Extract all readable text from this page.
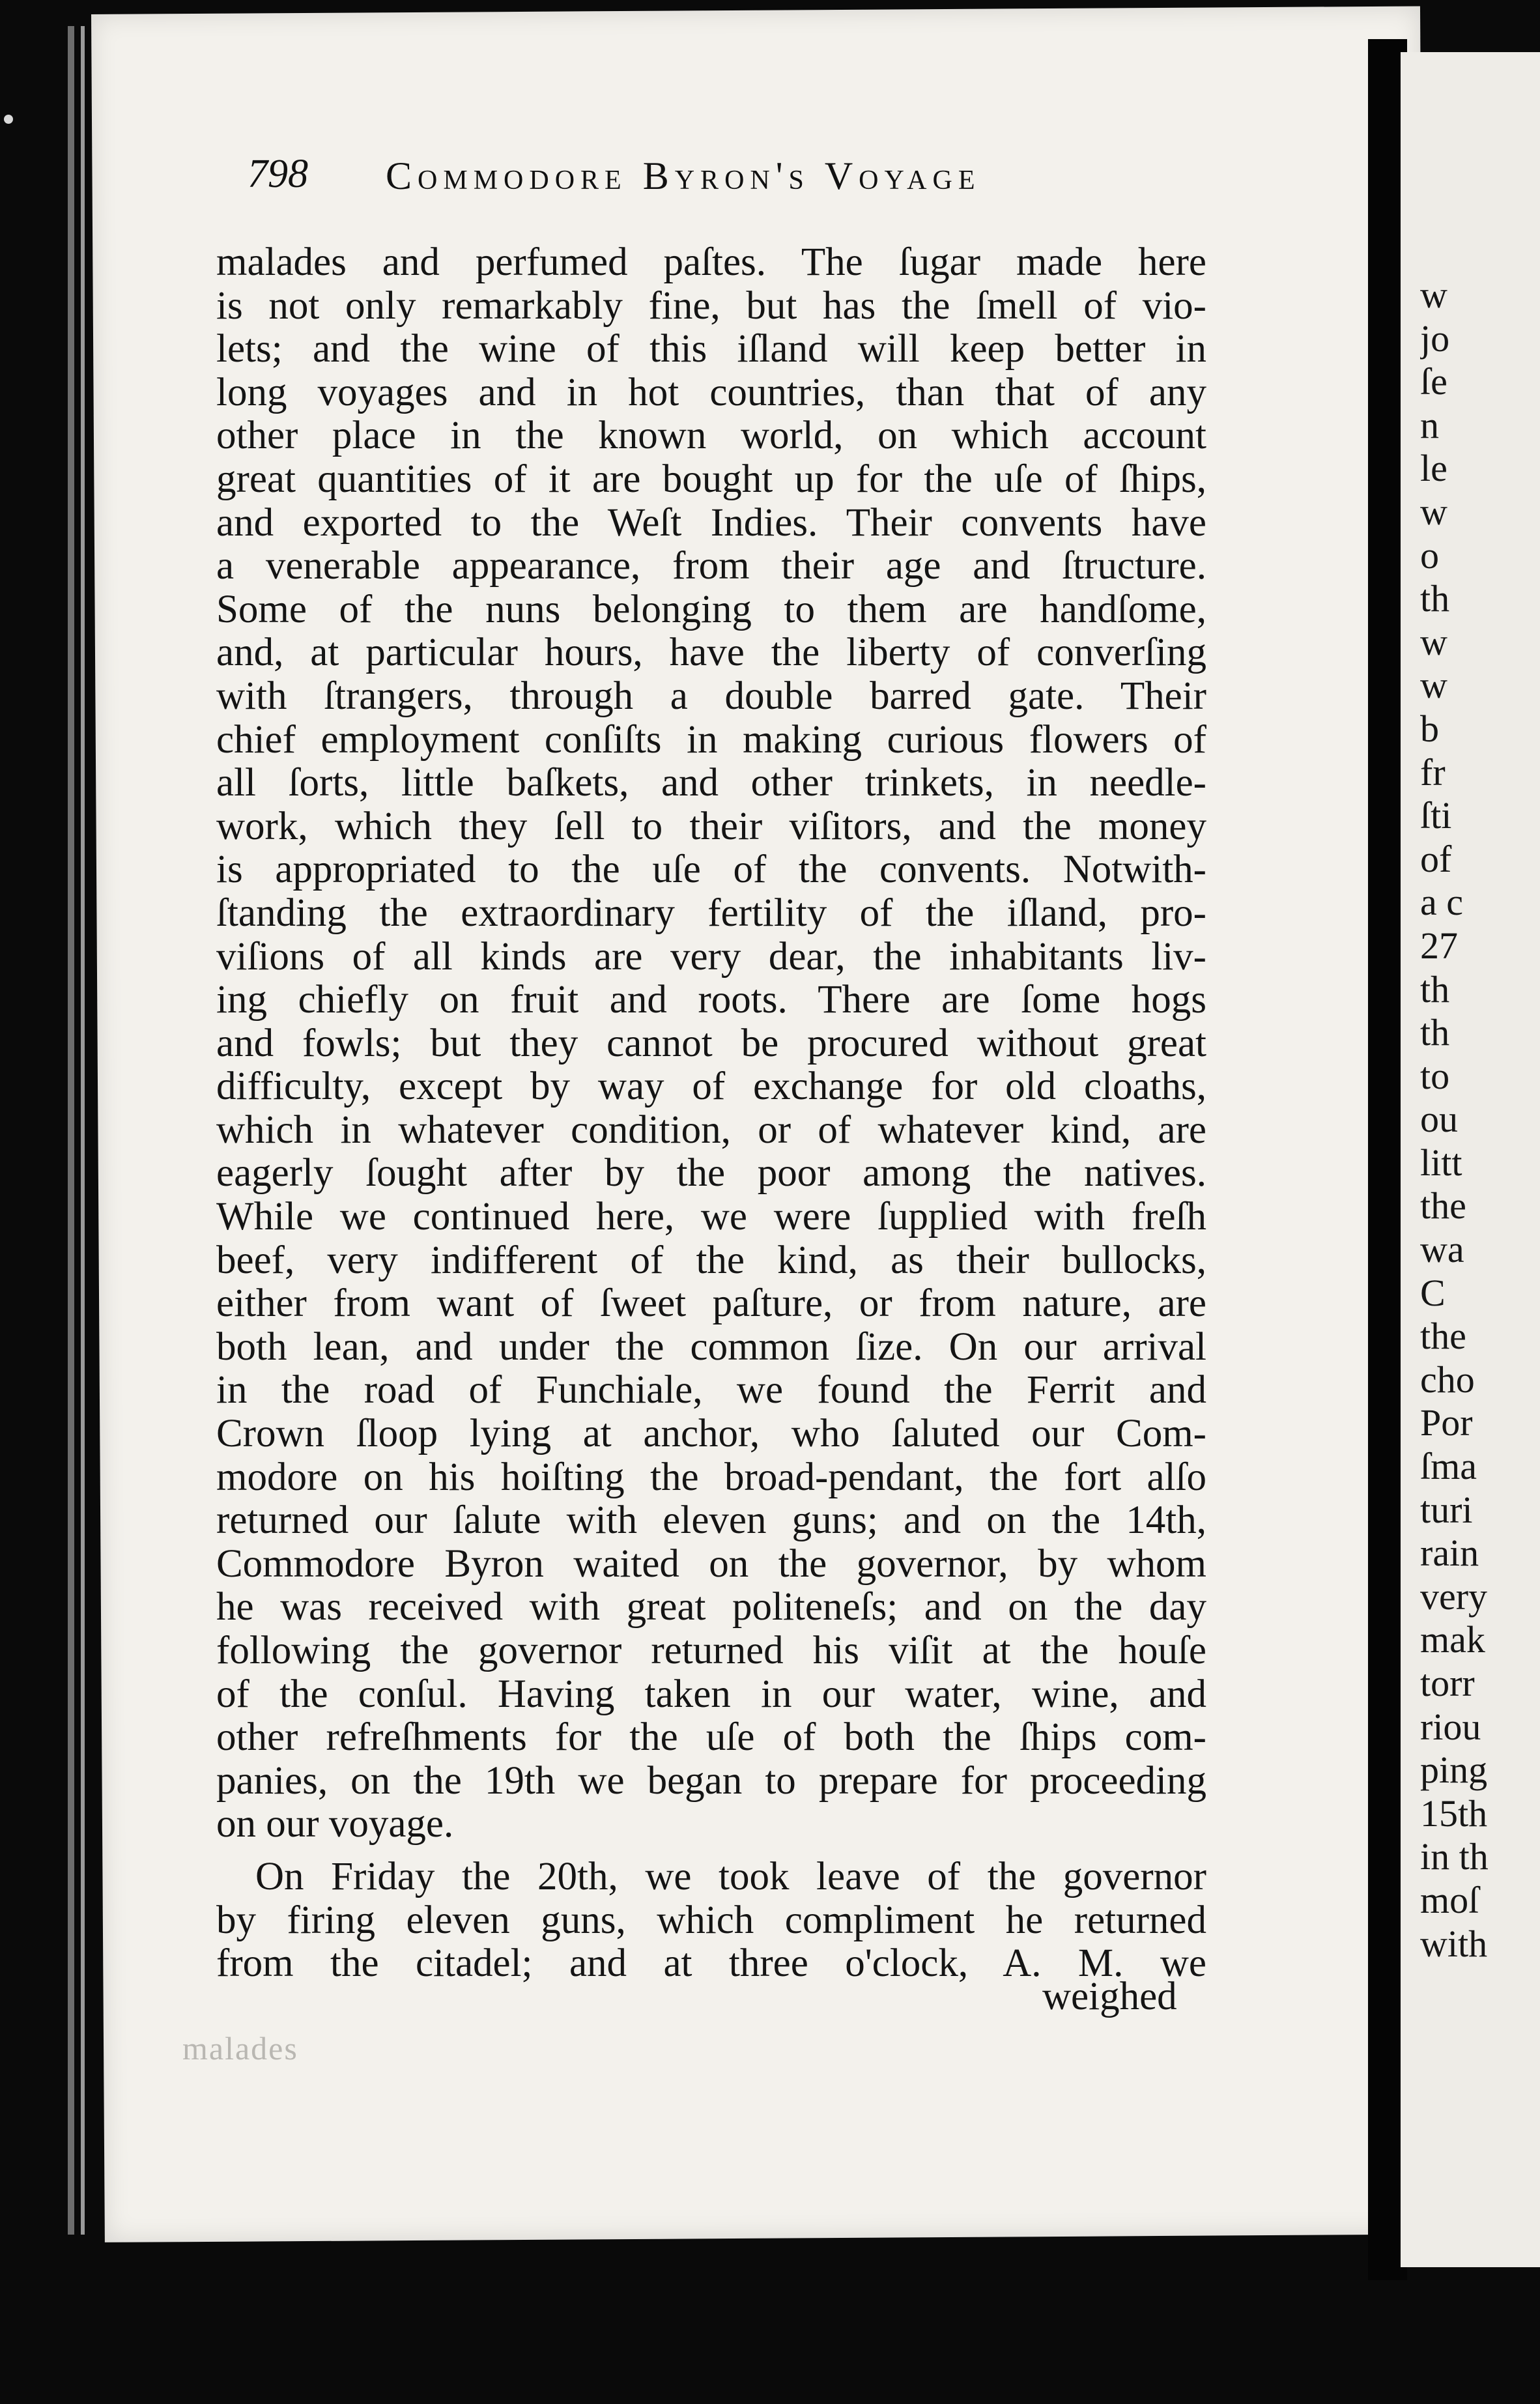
798 Commodore Byron's Voyage
malades and perfumed paſtes. The ſugar made here
is not only remarkably fine, but has the ſmell of vio-
lets; and the wine of this iſland will keep better in
long voyages and in hot countries, than that of any
other place in the known world, on which account
great quantities of it are bought up for the uſe of ſhips,
and exported to the Weſt Indies. Their convents have
a venerable appearance, from their age and ſtructure.
Some of the nuns belonging to them are handſome,
and, at particular hours, have the liberty of converſing
with ſtrangers, through a double barred gate. Their
chief employment conſiſts in making curious flowers of
all ſorts, little baſkets, and other trinkets, in needle-
work, which they ſell to their viſitors, and the money
is appropriated to the uſe of the convents. Notwith-
ſtanding the extraordinary fertility of the iſland, pro-
viſions of all kinds are very dear, the inhabitants liv-
ing chiefly on fruit and roots. There are ſome hogs
and fowls; but they cannot be procured without great
difficulty, except by way of exchange for old cloaths,
which in whatever condition, or of whatever kind, are
eagerly ſought after by the poor among the natives.
While we continued here, we were ſupplied with freſh
beef, very indifferent of the kind, as their bullocks,
either from want of ſweet paſture, or from nature, are
both lean, and under the common ſize. On our arrival
in the road of Funchiale, we found the Ferrit and
Crown ſloop lying at anchor, who ſaluted our Com-
modore on his hoiſting the broad-pendant, the fort alſo
returned our ſalute with eleven guns; and on the 14th,
Commodore Byron waited on the governor, by whom
he was received with great politeneſs; and on the day
following the governor returned his viſit at the houſe
of the conſul. Having taken in our water, wine, and
other refreſhments for the uſe of both the ſhips com-
panies, on the 19th we began to prepare for proceeding
on our voyage.
On Friday the 20th, we took leave of the governor
by firing eleven guns, which compliment he returned
from the citadel; and at three o'clock, A. M. we
weighed
malades
w
jo
ſe
n
le
w
o
th
w
w
b
fr
ſti
of
a c
27
th
th
to
ou
litt
the
wa
C
the
cho
Por
ſma
turi
rain
very
mak
torr
riou
ping
15th
in th
moſ
with
